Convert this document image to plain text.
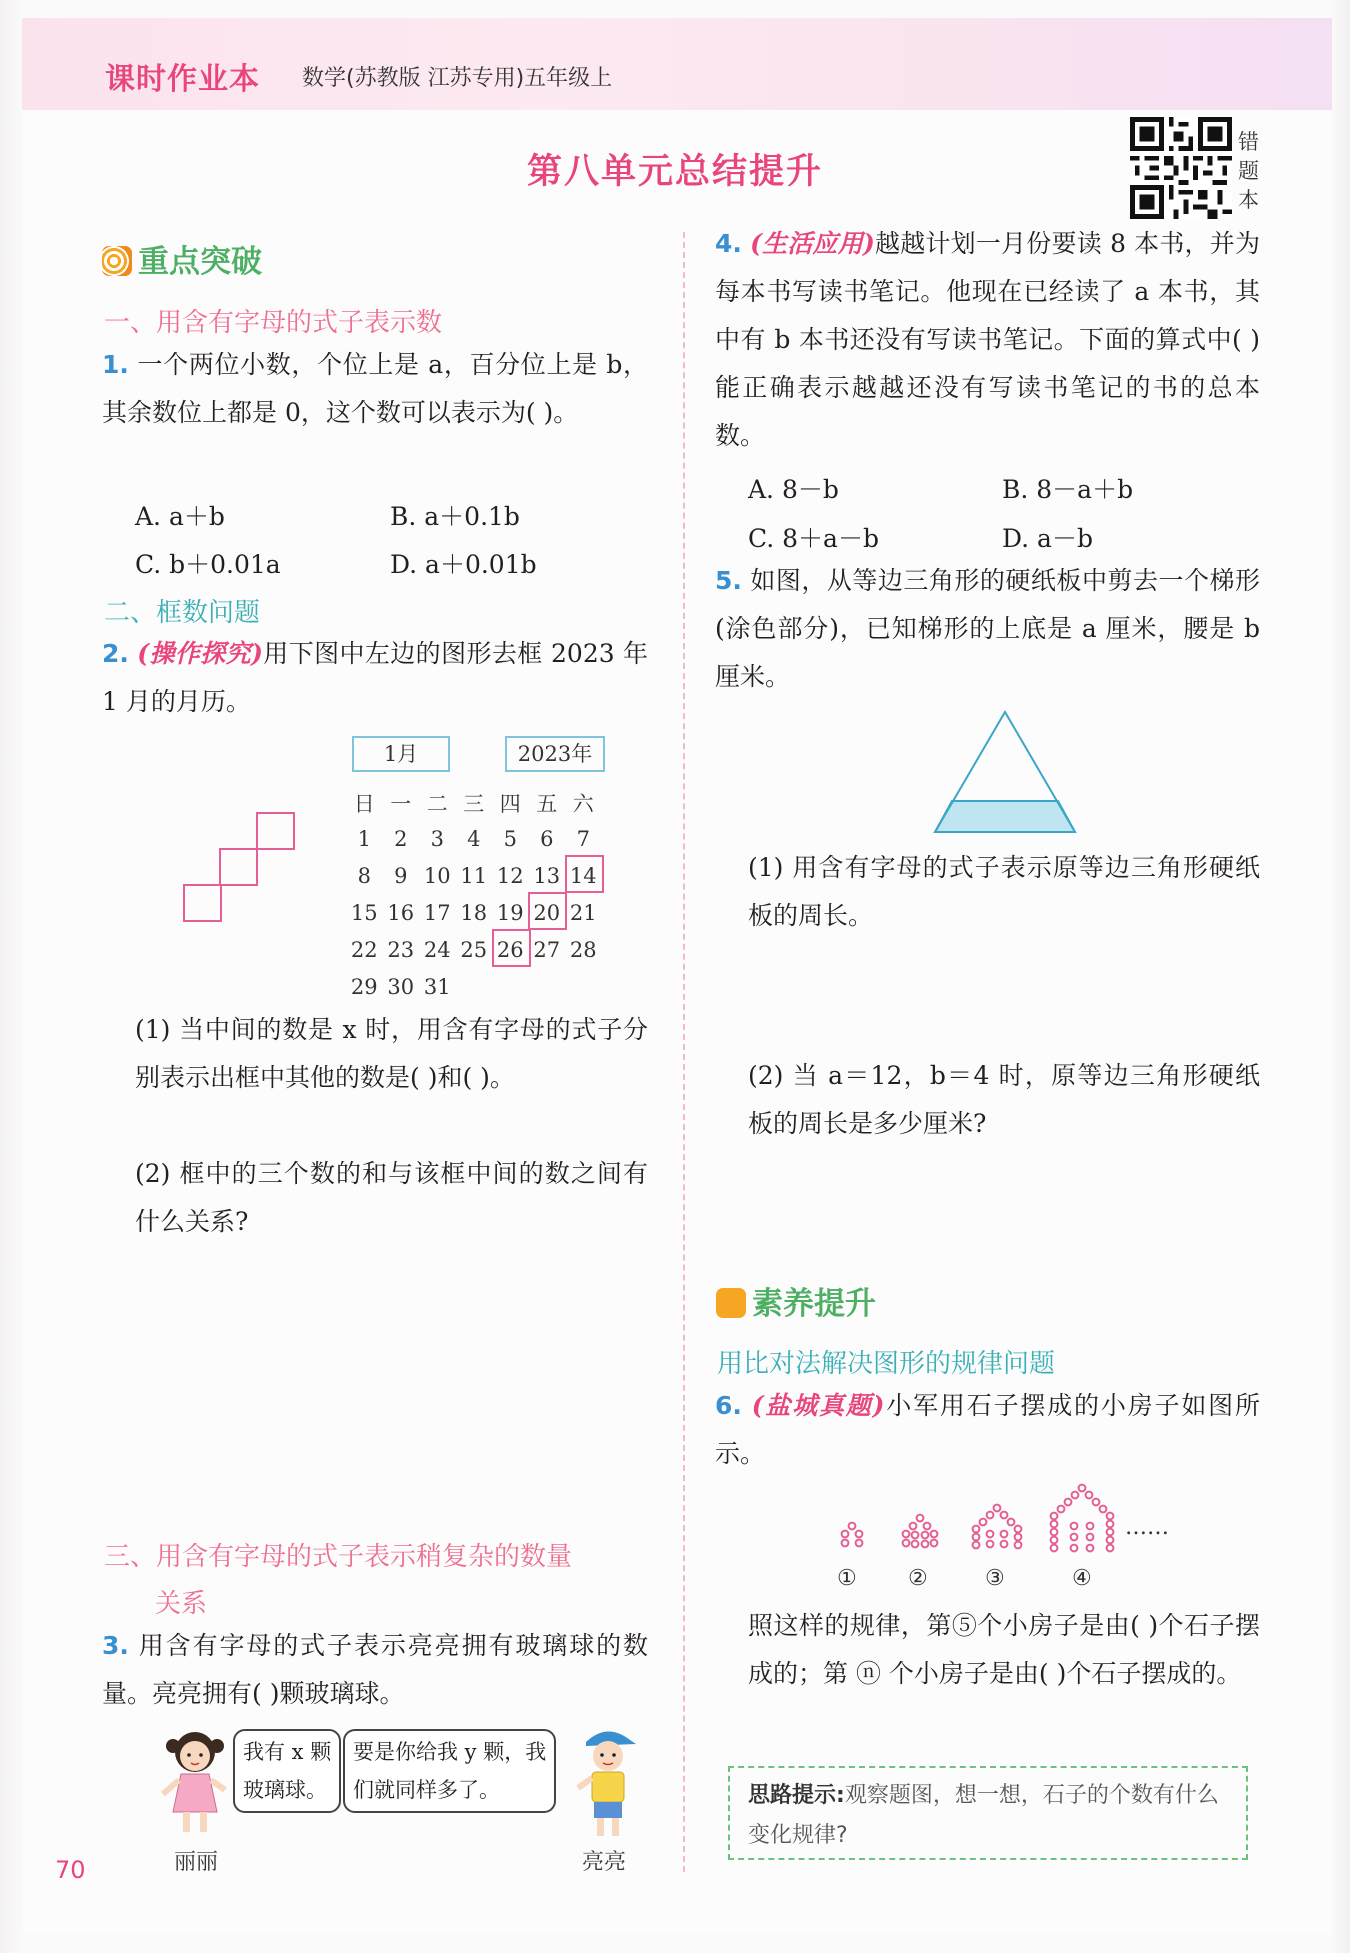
课时作业本 数学(苏教版 江苏专用)五年级上
第八单元总结提升
错题本
重点突破
一、用含有字母的式子表示数
1. 一个两位小数，个位上是 a，百分位上是 b，其余数位上都是 0，这个数可以表示为( )。
A. a＋b	B. a＋0.1b
C. b＋0.01a	D. a＋0.01b
二、框数问题
2. (操作探究)用下图中左边的图形去框 2023 年 1 月的月历。
1月	2023年
日 一 二 三 四 五 六
1 2 3 4 5 6 7
8 9 10 11 12 13 14
15 16 17 18 19 20 21
22 23 24 25 26 27 28
29 30 31
(1) 当中间的数是 x 时，用含有字母的式子分别表示出框中其他的数是( )和( )。
(2) 框中的三个数的和与该框中间的数之间有什么关系?
三、用含有字母的式子表示稍复杂的数量
关系
3. 用含有字母的式子表示亮亮拥有玻璃球的数量。亮亮拥有( )颗玻璃球。
丽丽
我有 x 颗
玻璃球。
要是你给我 y 颗，我
们就同样多了。
亮亮
70
4. (生活应用)越越计划一月份要读 8 本书，并为每本书写读书笔记。他现在已经读了 a 本书，其中有 b 本书还没有写读书笔记。下面的算式中( )能正确表示越越还没有写读书笔记的书的总本数。
A. 8－b	B. 8－a＋b
C. 8＋a－b	D. a－b
5. 如图，从等边三角形的硬纸板中剪去一个梯形(涂色部分)，已知梯形的上底是 a 厘米，腰是 b 厘米。
(1) 用含有字母的式子表示原等边三角形硬纸板的周长。
(2) 当 a＝12，b＝4 时，原等边三角形硬纸板的周长是多少厘米?
素养提升
用比对法解决图形的规律问题
6. (盐城真题)小军用石子摆成的小房子如图所示。
……
① ②	③	④
照这样的规律，第⑤个小房子是由( )个石子摆成的；第 ⓝ 个小房子是由( )个石子摆成的。
思路提示:观察题图，想一想，石子的个数有什么变化规律?
